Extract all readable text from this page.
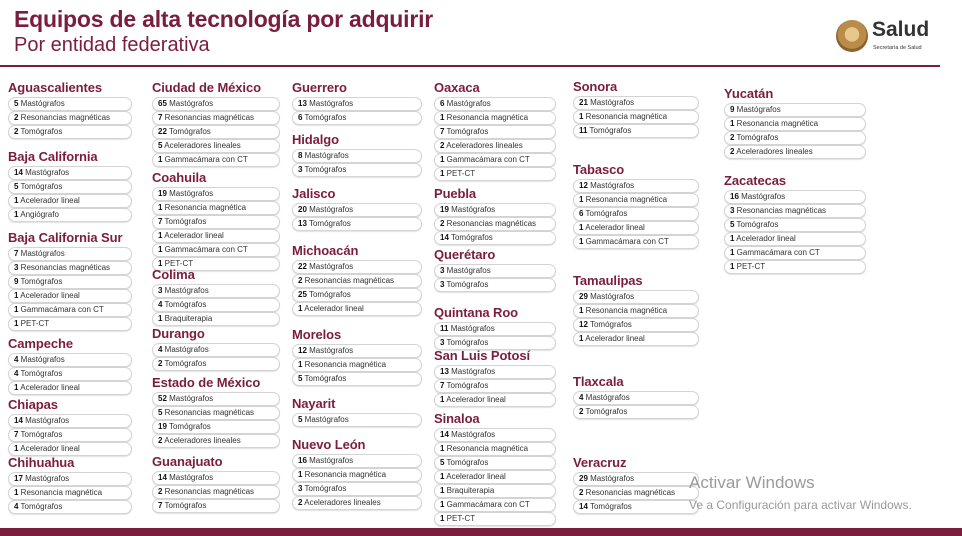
Equipos de alta tecnología por adquirir
Por entidad federativa
Salud
Secretaría de Salud
Aguascalientes
5 Mastógrafos
2 Resonancias magnéticas
2 Tomógrafos
Baja California
14 Mastógrafos
5 Tomógrafos
1 Acelerador lineal
1 Angiógrafo
Baja California Sur
7 Mastógrafos
3 Resonancias magnéticas
9 Tomógrafos
1 Acelerador lineal
1 Gammacámara con CT
1 PET-CT
Campeche
4 Mastógrafos
4 Tomógrafos
1 Acelerador lineal
Chiapas
14 Mastógrafos
7 Tomógrafos
1 Acelerador lineal
Chihuahua
17 Mastógrafos
1 Resonancia magnética
4 Tomógrafos
Ciudad de México
65 Mastógrafos
7 Resonancias magnéticas
22 Tomógrafos
5 Aceleradores lineales
1 Gammacámara con CT
Coahuila
19 Mastógrafos
1 Resonancia magnética
7 Tomógrafos
1 Acelerador lineal
1 Gammacámara con CT
1 PET-CT
Colima
3 Mastógrafos
4 Tomógrafos
1 Braquiterapia
Durango
4 Mastógrafos
2 Tomógrafos
Estado de México
52 Mastógrafos
5 Resonancias magnéticas
19 Tomógrafos
2 Aceleradores lineales
Guanajuato
14 Mastógrafos
2 Resonancias magnéticas
7 Tomógrafos
Guerrero
13 Mastógrafos
6 Tomógrafos
Hidalgo
8 Mastógrafos
3 Tomógrafos
Jalisco
20 Mastógrafos
13 Tomógrafos
Michoacán
22 Mastógrafos
2 Resonancias magnéticas
25 Tomógrafos
1 Acelerador lineal
Morelos
12 Mastógrafos
1 Resonancia magnética
5 Tomógrafos
Nayarit
5 Mastógrafos
Nuevo León
16 Mastógrafos
1 Resonancia magnética
3 Tomógrafos
2 Aceleradores lineales
Oaxaca
6 Mastógrafos
1 Resonancia magnética
7 Tomógrafos
2 Aceleradores lineales
1 Gammacámara con CT
1 PET-CT
Puebla
19 Mastógrafos
2 Resonancias magnéticas
14 Tomógrafos
Querétaro
3 Mastógrafos
3 Tomógrafos
Quintana Roo
11 Mastógrafos
3 Tomógrafos
San Luis Potosí
13 Mastógrafos
7 Tomógrafos
1 Acelerador lineal
Sinaloa
14 Mastógrafos
1 Resonancia magnética
5 Tomógrafos
1 Acelerador lineal
1 Braquiterapia
1 Gammacámara con CT
1 PET-CT
Sonora
21 Mastógrafos
1 Resonancia magnética
11 Tomógrafos
Tabasco
12 Mastógrafos
1 Resonancia magnética
6 Tomógrafos
1 Acelerador lineal
1 Gammacámara con CT
Tamaulipas
29 Mastógrafos
1 Resonancia magnética
12 Tomógrafos
1 Acelerador lineal
Tlaxcala
4 Mastógrafos
2 Tomógrafos
Veracruz
29 Mastógrafos
2 Resonancias magnéticas
14 Tomógrafos
Yucatán
9 Mastógrafos
1 Resonancia magnética
2 Tomógrafos
2 Aceleradores lineales
Zacatecas
16 Mastógrafos
3 Resonancias magnéticas
5 Tomógrafos
1 Acelerador lineal
1 Gammacámara con CT
1 PET-CT
Activar Windows
Ve a Configuración para activar Windows.
